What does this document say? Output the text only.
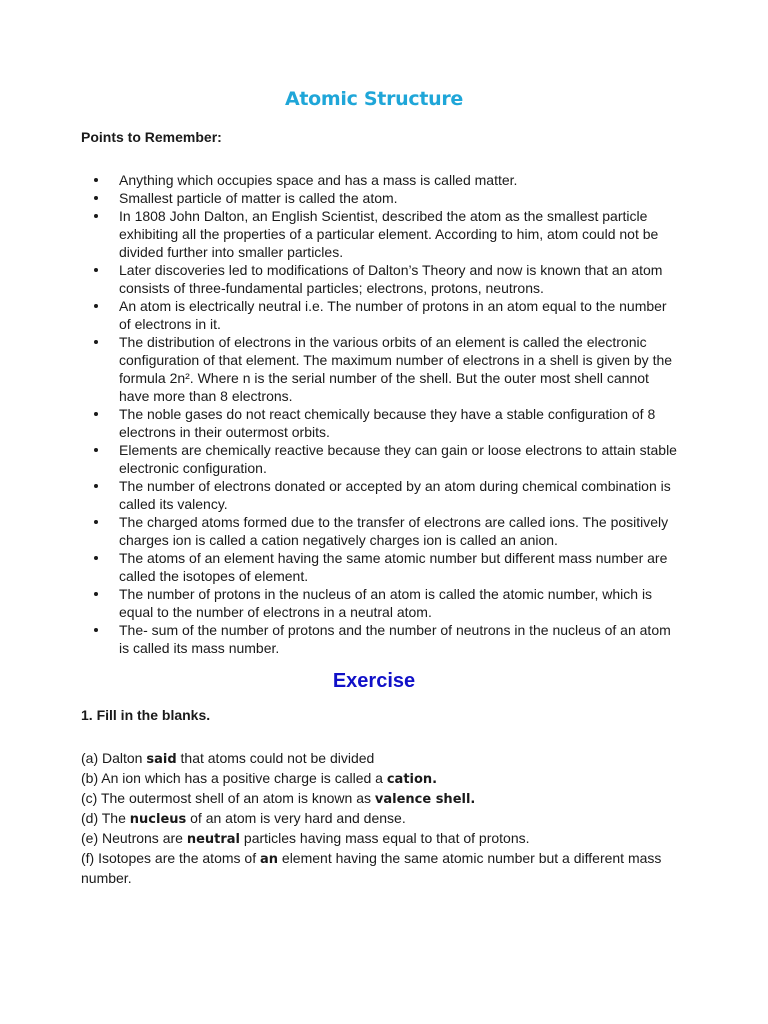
Atomic Structure

Points to Remember:

Anything which occupies space and has a mass is called matter.
Smallest particle of matter is called the atom.
In 1808 John Dalton, an English Scientist, described the atom as the smallest particle exhibiting all the properties of a particular element. According to him, atom could not be divided further into smaller particles.
Later discoveries led to modifications of Dalton’s Theory and now is known that an atom consists of three-fundamental particles; electrons, protons, neutrons.
An atom is electrically neutral i.e. The number of protons in an atom equal to the number of electrons in it.
The distribution of electrons in the various orbits of an element is called the electronic configuration of that element. The maximum number of electrons in a shell is given by the formula 2n². Where n is the serial number of the shell. But the outer most shell cannot have more than 8 electrons.
The noble gases do not react chemically because they have a stable configuration of 8 electrons in their outermost orbits.
Elements are chemically reactive because they can gain or loose electrons to attain stable electronic configuration.
The number of electrons donated or accepted by an atom during chemical combination is called its valency.
The charged atoms formed due to the transfer of electrons are called ions. The positively charges ion is called a cation negatively charges ion is called an anion.
The atoms of an element having the same atomic number but different mass number are called the isotopes of element.
The number of protons in the nucleus of an atom is called the atomic number, which is equal to the number of electrons in a neutral atom.
The- sum of the number of protons and the number of neutrons in the nucleus of an atom is called its mass number.
Exercise

1. Fill in the blanks.

(a) Dalton said that atoms could not be divided
(b) An ion which has a positive charge is called a cation.
(c) The outermost shell of an atom is known as valence shell.
(d) The nucleus of an atom is very hard and dense.
(e) Neutrons are neutral particles having mass equal to that of protons.
(f) Isotopes are the atoms of an element having the same atomic number but a different mass number.
